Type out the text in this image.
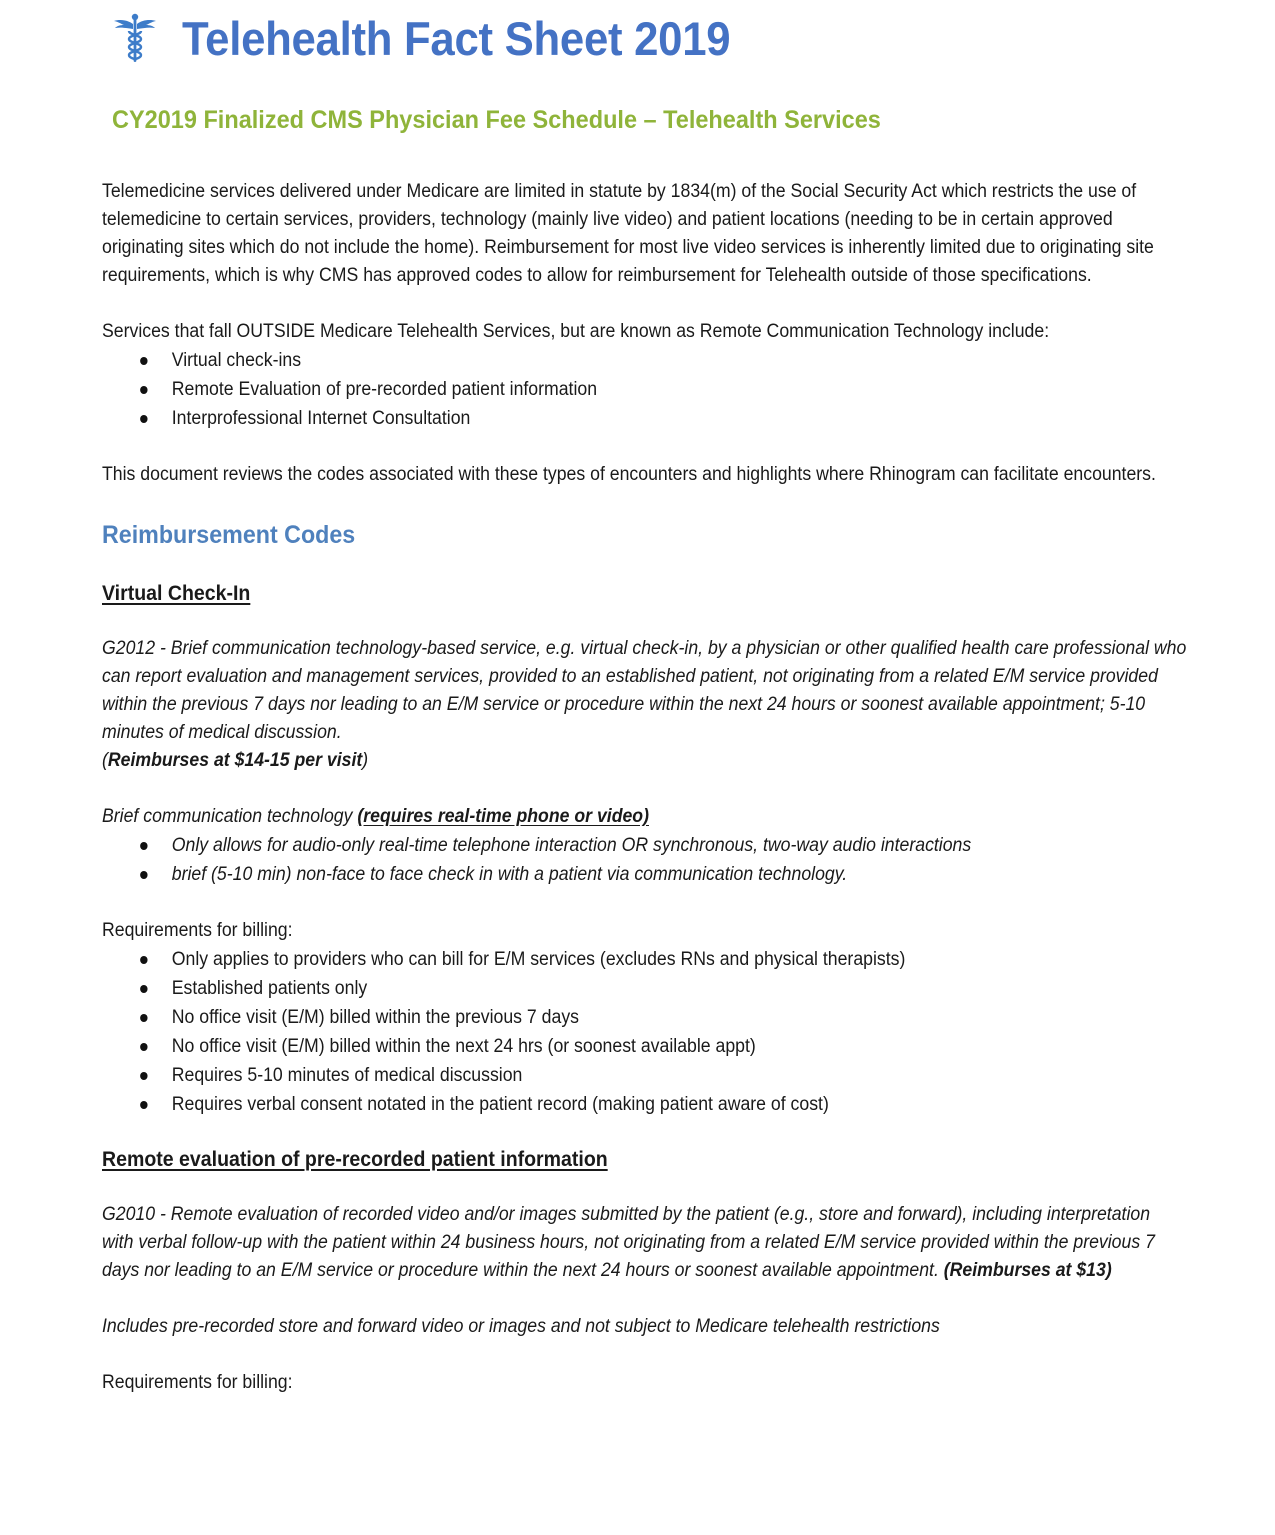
Telehealth Fact Sheet 2019
CY2019 Finalized CMS Physician Fee Schedule – Telehealth Services

Telemedicine services delivered under Medicare are limited in statute by 1834(m) of the Social Security Act which restricts the use of telemedicine to certain services, providers, technology (mainly live video) and patient locations (needing to be in certain approved originating sites which do not include the home). Reimbursement for most live video services is inherently limited due to originating site requirements, which is why CMS has approved codes to allow for reimbursement for Telehealth outside of those specifications.

Services that fall OUTSIDE Medicare Telehealth Services, but are known as Remote Communication Technology include:

Virtual check-ins
Remote Evaluation of pre-recorded patient information
Interprofessional Internet Consultation

This document reviews the codes associated with these types of encounters and highlights where Rhinogram can facilitate encounters.

Reimbursement Codes
Virtual Check-In

G2012 - Brief communication technology-based service, e.g. virtual check-in, by a physician or other qualified health care professional who can report evaluation and management services, provided to an established patient, not originating from a related E/M service provided within the previous 7 days nor leading to an E/M service or procedure within the next 24 hours or soonest available appointment; 5-10 minutes of medical discussion.
(Reimburses at $14-15 per visit)

Brief communication technology (requires real-time phone or video)

Only allows for audio-only real-time telephone interaction OR synchronous, two-way audio interactions
brief (5-10 min) non-face to face check in with a patient via communication technology.

Requirements for billing:

Only applies to providers who can bill for E/M services (excludes RNs and physical therapists)
Established patients only
No office visit (E/M) billed within the previous 7 days
No office visit (E/M) billed within the next 24 hrs (or soonest available appt)
Requires 5-10 minutes of medical discussion
Requires verbal consent notated in the patient record (making patient aware of cost)
Remote evaluation of pre-recorded patient information

G2010 - Remote evaluation of recorded video and/or images submitted by the patient (e.g., store and forward), including interpretation with verbal follow-up with the patient within 24 business hours, not originating from a related E/M service provided within the previous 7 days nor leading to an E/M service or procedure within the next 24 hours or soonest available appointment. (Reimburses at $13)

Includes pre-recorded store and forward video or images and not subject to Medicare telehealth restrictions

Requirements for billing:
